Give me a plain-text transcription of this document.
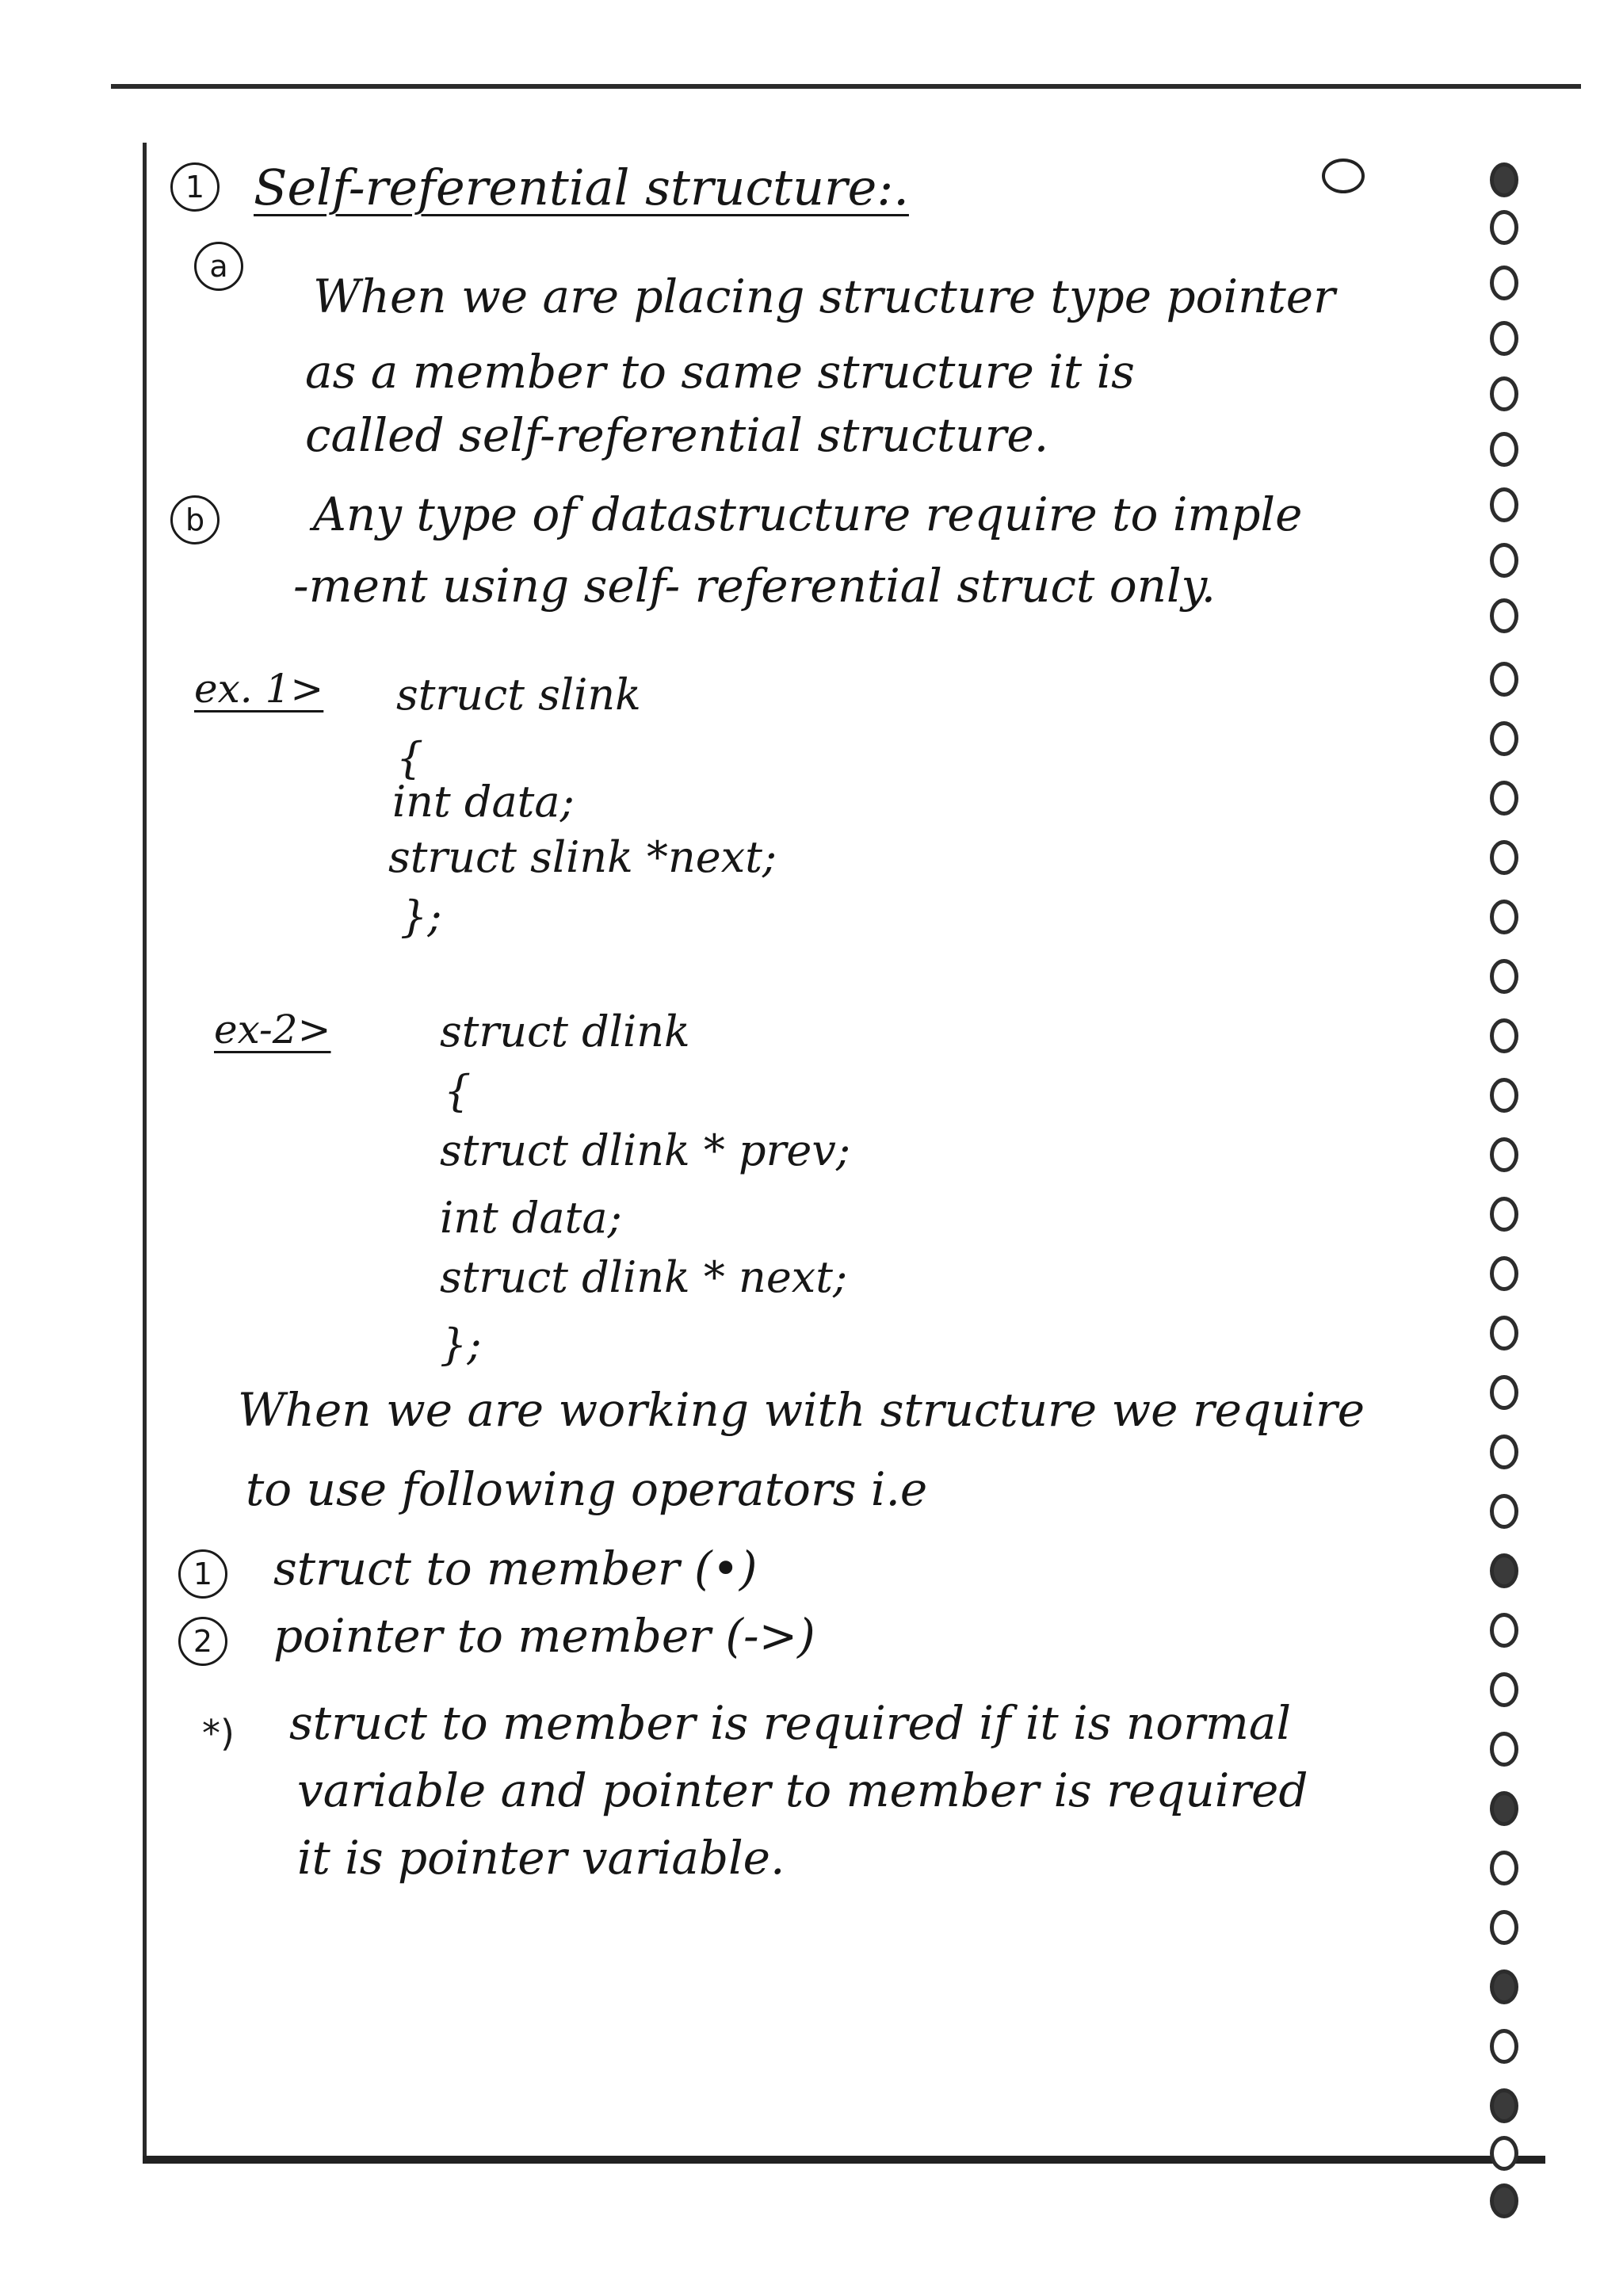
1 Self-referential structure:.
a
When we are placing structure type pointer
as a member to same structure it is
called self-referential structure.
b	Any type of datastructure require to imple
-ment using self- referential struct only.
ex. 1> struct slink
{
int data;
struct slink *next;
};
ex-2>	struct dlink
{
struct dlink * prev;
int data;
struct dlink * next;
};
When we are working with structure we require
to use following operators i.e
1	struct to member (•)
2	pointer to member (->)
*) struct to member is required if it is normal
variable and pointer to member is required
it is pointer variable.
